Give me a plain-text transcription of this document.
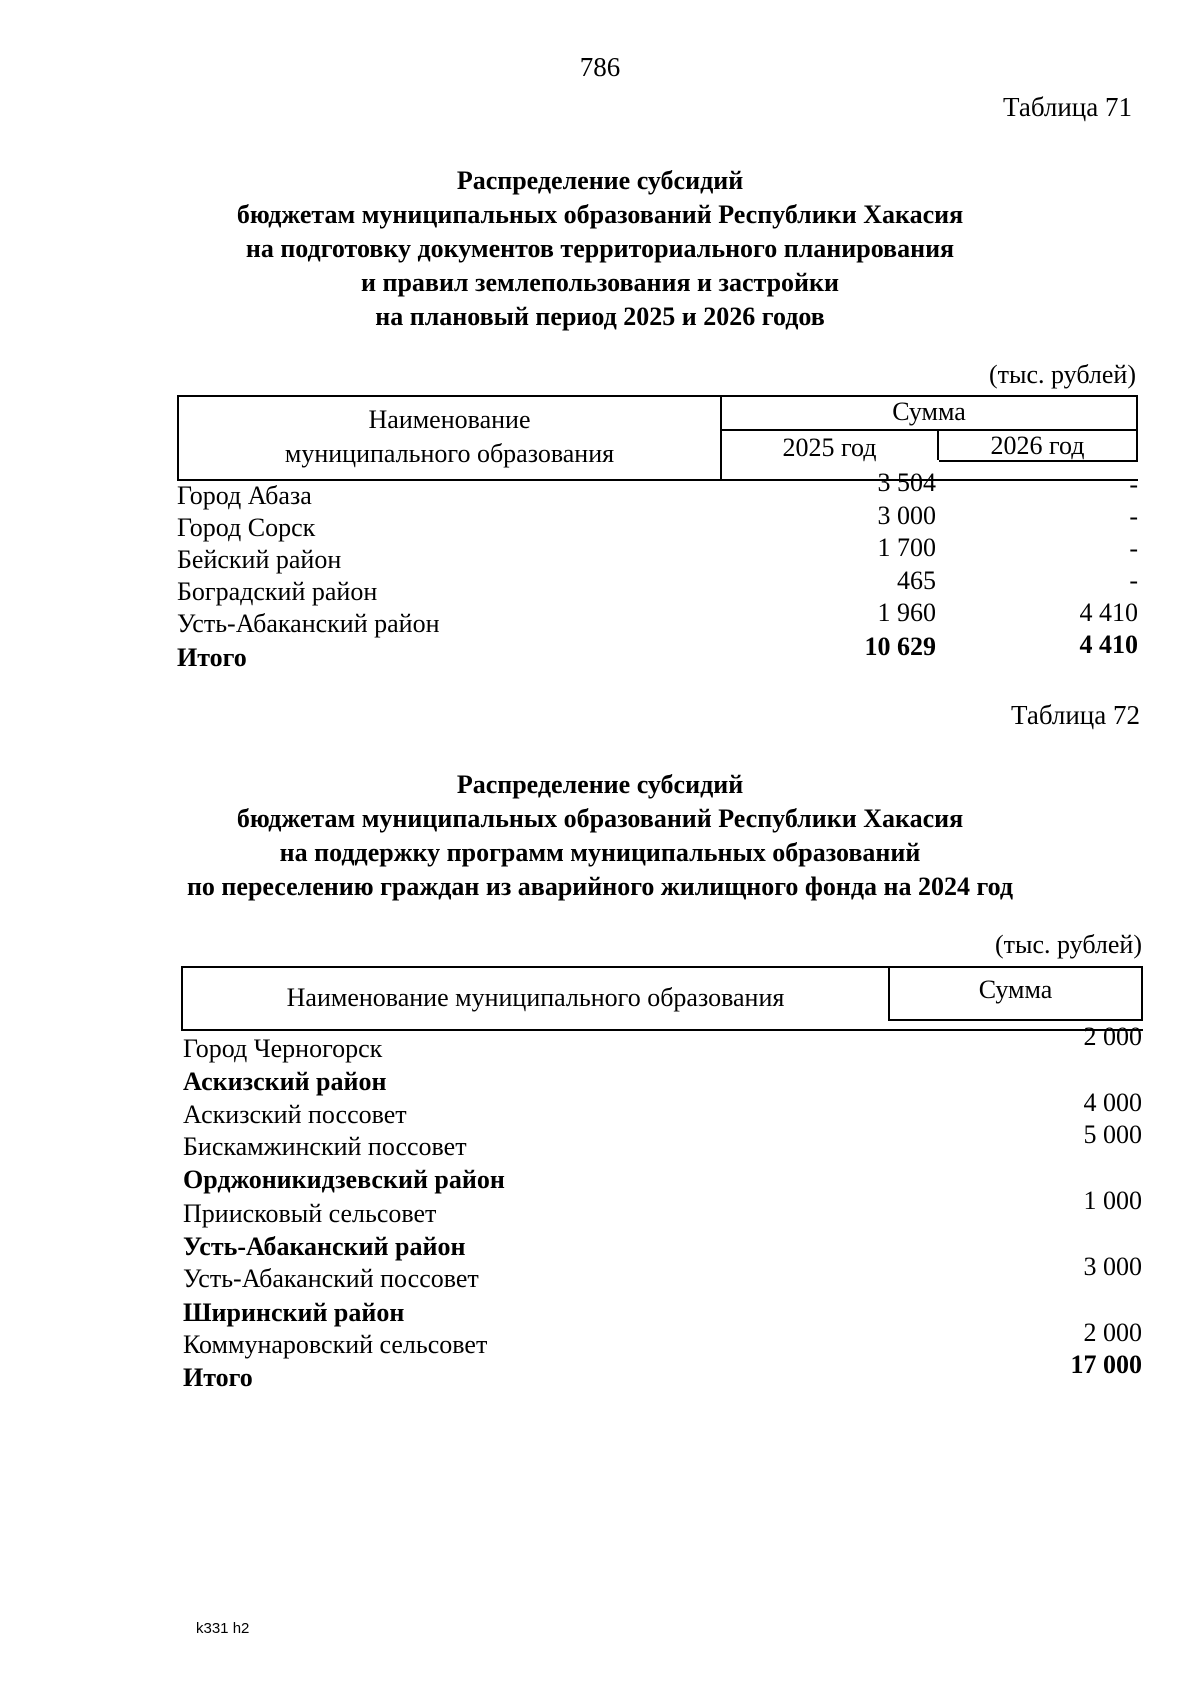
786
Таблица 71
Распределение субсидий
бюджетам муниципальных образований Республики Хакасия
на подготовку документов территориального планирования
и правил землепользования и застройки
на плановый период 2025 и 2026 годов
(тыс. рублей)
Наименование
муниципального образования
Сумма
2025 год	2026 год
Город Абаза	3 504	-
Город Сорск	3 000	-
Бейский район	1 700	-
Боградский район	465	-
Усть-Абаканский район	1 960	4 410
Итого	10 629	4 410
Таблица 72
Распределение субсидий
бюджетам муниципальных образований Республики Хакасия
на поддержку программ муниципальных образований
по переселению граждан из аварийного жилищного фонда на 2024 год
(тыс. рублей)
Наименование муниципального образования	Сумма
Город Черногорск	2 000
Аскизский район
Аскизский поссовет	4 000
Бискамжинский поссовет	5 000
Орджоникидзевский район
Приисковый сельсовет	1 000
Усть-Абаканский район
Усть-Абаканский поссовет	3 000
Ширинский район
Коммунаровский сельсовет	2 000
Итого	17 000
k331 h2
